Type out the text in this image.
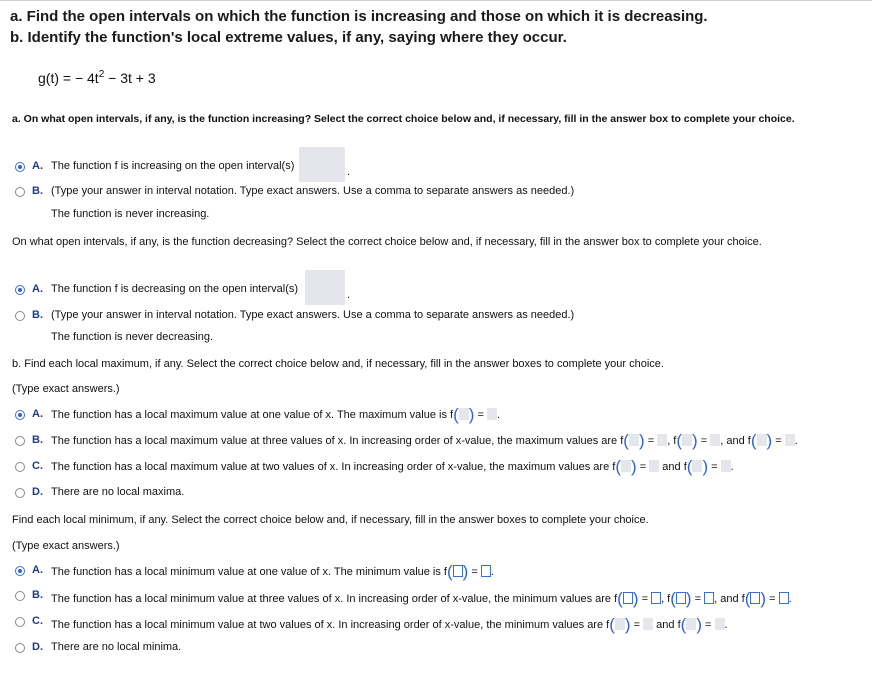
a. Find the open intervals on which the function is increasing and those on which it is decreasing.
b. Identify the function's local extreme values, if any, saying where they occur.
g(t) = − $4t^2 - 3t + 3$
a. On what open intervals, if any, is the function increasing? Select the correct choice below and, if necessary, fill in the answer box to complete your choice.
A. The function f is increasing on the open interval(s)	.
B. (Type your answer in interval notation. Type exact answers. Use a comma to separate answers as needed.)
The function is never increasing.
On what open intervals, if any, is the function decreasing? Select the correct choice below and, if necessary, fill in the answer box to complete your choice.
A. The function f is decreasing on the open interval(s)	.
B. (Type your answer in interval notation. Type exact answers. Use a comma to separate answers as needed.)
The function is never decreasing.
b. Find each local maximum, if any. Select the correct choice below and, if necessary, fill in the answer boxes to complete your choice.
(Type exact answers.)
A. The function has a local maximum value at one value of x. The maximum value is f( ) = .
B. The function has a local maximum value at three values of x. In increasing order of x-value, the maximum values are f( ) = , f( ) = , and f( ) = .
C. The function has a local maximum value at two values of x. In increasing order of x-value, the maximum values are f( ) = and f( ) = .
D. There are no local maxima.
Find each local minimum, if any. Select the correct choice below and, if necessary, fill in the answer boxes to complete your choice.
(Type exact answers.)
A. The function has a local minimum value at one value of x. The minimum value is f( ) = .
B. The function has a local minimum value at three values of x. In increasing order of x-value, the minimum values are f( ) = , f( ) = , and f( ) = .
C. The function has a local minimum value at two values of x. In increasing order of x-value, the minimum values are f( ) = and f( ) = .
D. There are no local minima.
